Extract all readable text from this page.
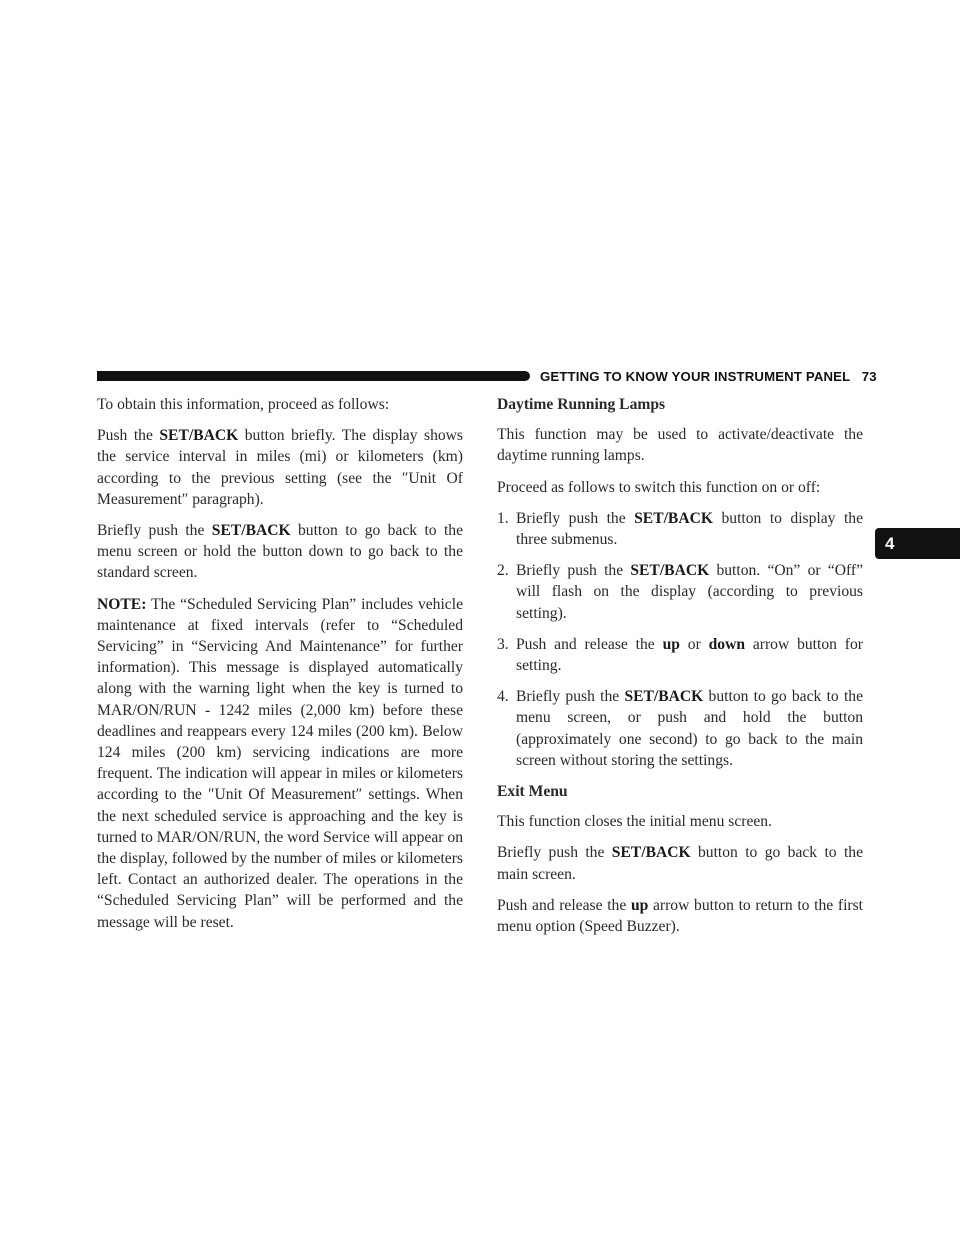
GETTING TO KNOW YOUR INSTRUMENT PANEL 73
4

To obtain this information, proceed as follows:

Push the SET/BACK button briefly. The display shows the service interval in miles (mi) or kilometers (km) according to the previous setting (see the ″Unit Of Measurement″ paragraph).

Briefly push the SET/BACK button to go back to the menu screen or hold the button down to go back to the standard screen.

NOTE: The “Scheduled Servicing Plan” includes vehicle maintenance at fixed intervals (refer to “Scheduled Servicing” in “Servicing And Maintenance” for further information). This message is displayed automatically along with the warning light when the key is turned to MAR/ON/RUN - 1242 miles (2,000 km) before these deadlines and reappears every 124 miles (200 km). Below 124 miles (200 km) servicing indications are more frequent. The indication will appear in miles or kilometers according to the ″Unit Of Measurement″ settings. When the next scheduled service is approaching and the key is turned to MAR/ON/RUN, the word Service will appear on the display, followed by the number of miles or kilometers left. Contact an authorized dealer. The operations in the “Scheduled Servicing Plan” will be performed and the message will be reset.

Daytime Running Lamps

This function may be used to activate/deactivate the daytime running lamps.

Proceed as follows to switch this function on or off:

1. Briefly push the SET/BACK button to display the three submenus.
2. Briefly push the SET/BACK button. “On” or “Off” will flash on the display (according to previous setting).
3. Push and release the up or down arrow button for setting.
4. Briefly push the SET/BACK button to go back to the menu screen, or push and hold the button (approximately one second) to go back to the main screen without storing the settings.
Exit Menu

This function closes the initial menu screen.

Briefly push the SET/BACK button to go back to the main screen.

Push and release the up arrow button to return to the first menu option (Speed Buzzer).
